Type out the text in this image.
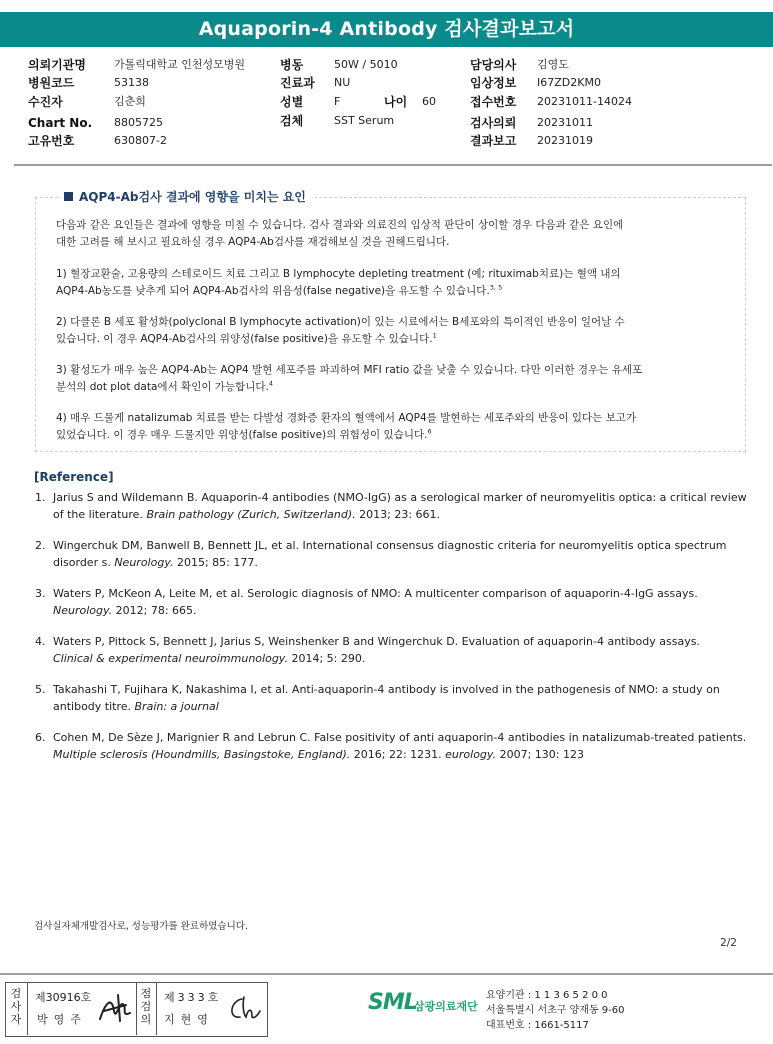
Aquaporin-4 Antibody 검사결과보고서
의뢰기관명	가톨릭대학교 인천성모병원	병동	50W / 5010	담당의사 김영도
병원코드	53138	진료과 NU	임상정보 I67ZD2KM0
수진자	김춘희	성별	F	나이 60	접수번호 20231011-14024
Chart No. 8805725	검체	SST Serum	검사의뢰 20231011
고유번호	630807-2	결과보고 20231019
AQP4-Ab검사 결과에 영향을 미치는 요인
다음과 같은 요인들은 결과에 영향을 미칠 수 있습니다. 검사 결과와 의료진의 임상적 판단이 상이할 경우 다음과 같은 요인에
대한 고려를 해 보시고 필요하실 경우 AQP4-Ab검사를 재검해보실 것을 권해드립니다.
1) 혈장교환술, 고용량의 스테로이드 치료 그리고 B lymphocyte depleting treatment (예; rituximab치료)는 혈액 내의
AQP4-Ab농도를 낮추게 되어 AQP4-Ab검사의 위음성(false negative)을 유도할 수 있습니다.$^{3, 5}$
2) 다클론 B 세포 활성화(polyclonal B lymphocyte activation)이 있는 시료에서는 B세포와의 특이적인 반응이 일어날 수
있습니다. 이 경우 AQP4-Ab검사의 위양성(false positive)을 유도할 수 있습니다.$^1$
3) 활성도가 매우 높은 AQP4-Ab는 AQP4 발현 세포주를 파괴하여 MFI ratio 값을 낮출 수 있습니다. 다만 이러한 경우는 유세포
분석의 dot plot data에서 확인이 가능합니다.$^4$
4) 매우 드물게 natalizumab 치료를 받는 다발성 경화증 환자의 혈액에서 AQP4를 발현하는 세포주와의 반응이 있다는 보고가
있었습니다. 이 경우 매우 드물지만 위양성(false positive)의 위험성이 있습니다.$^6$
[Reference]
1. Jarius S and Wildemann B. Aquaporin-4 antibodies (NMO-IgG) as a serological marker of neuromyelitis optica: a critical review
of the literature. Brain pathology (Zurich, Switzerland). 2013; 23: 661.
2. Wingerchuk DM, Banwell B, Bennett JL, et al. International consensus diagnostic criteria for neuromyelitis optica spectrum
disorder s. Neurology. 2015; 85: 177.
3. Waters P, McKeon A, Leite M, et al. Serologic diagnosis of NMO: A multicenter comparison of aquaporin-4-IgG assays.
Neurology. 2012; 78: 665.
4. Waters P, Pittock S, Bennett J, Jarius S, Weinshenker B and Wingerchuk D. Evaluation of aquaporin-4 antibody assays.
Clinical & experimental neuroimmunology. 2014; 5: 290.
5. Takahashi T, Fujihara K, Nakashima I, et al. Anti-aquaporin-4 antibody is involved in the pathogenesis of NMO: a study on
antibody titre. Brain: a journal
6. Cohen M, De Sèze J, Marignier R and Lebrun C. False positivity of anti aquaporin-4 antibodies in natalizumab-treated patients.
Multiple sclerosis (Houndmills, Basingstoke, England). 2016; 22: 1231. eurology. 2007; 130: 123
검사실자체개발검사로, 성능평가를 완료하였습니다.
2/2
검
사
자
제30916호
박영주
점
검
의
제333호
지현영
SML
삼광의료재단
요양기관 : 1 1 3 6 5 2 0 0
서울특별시 서초구 양재동 9-60
대표번호 : 1661-5117
